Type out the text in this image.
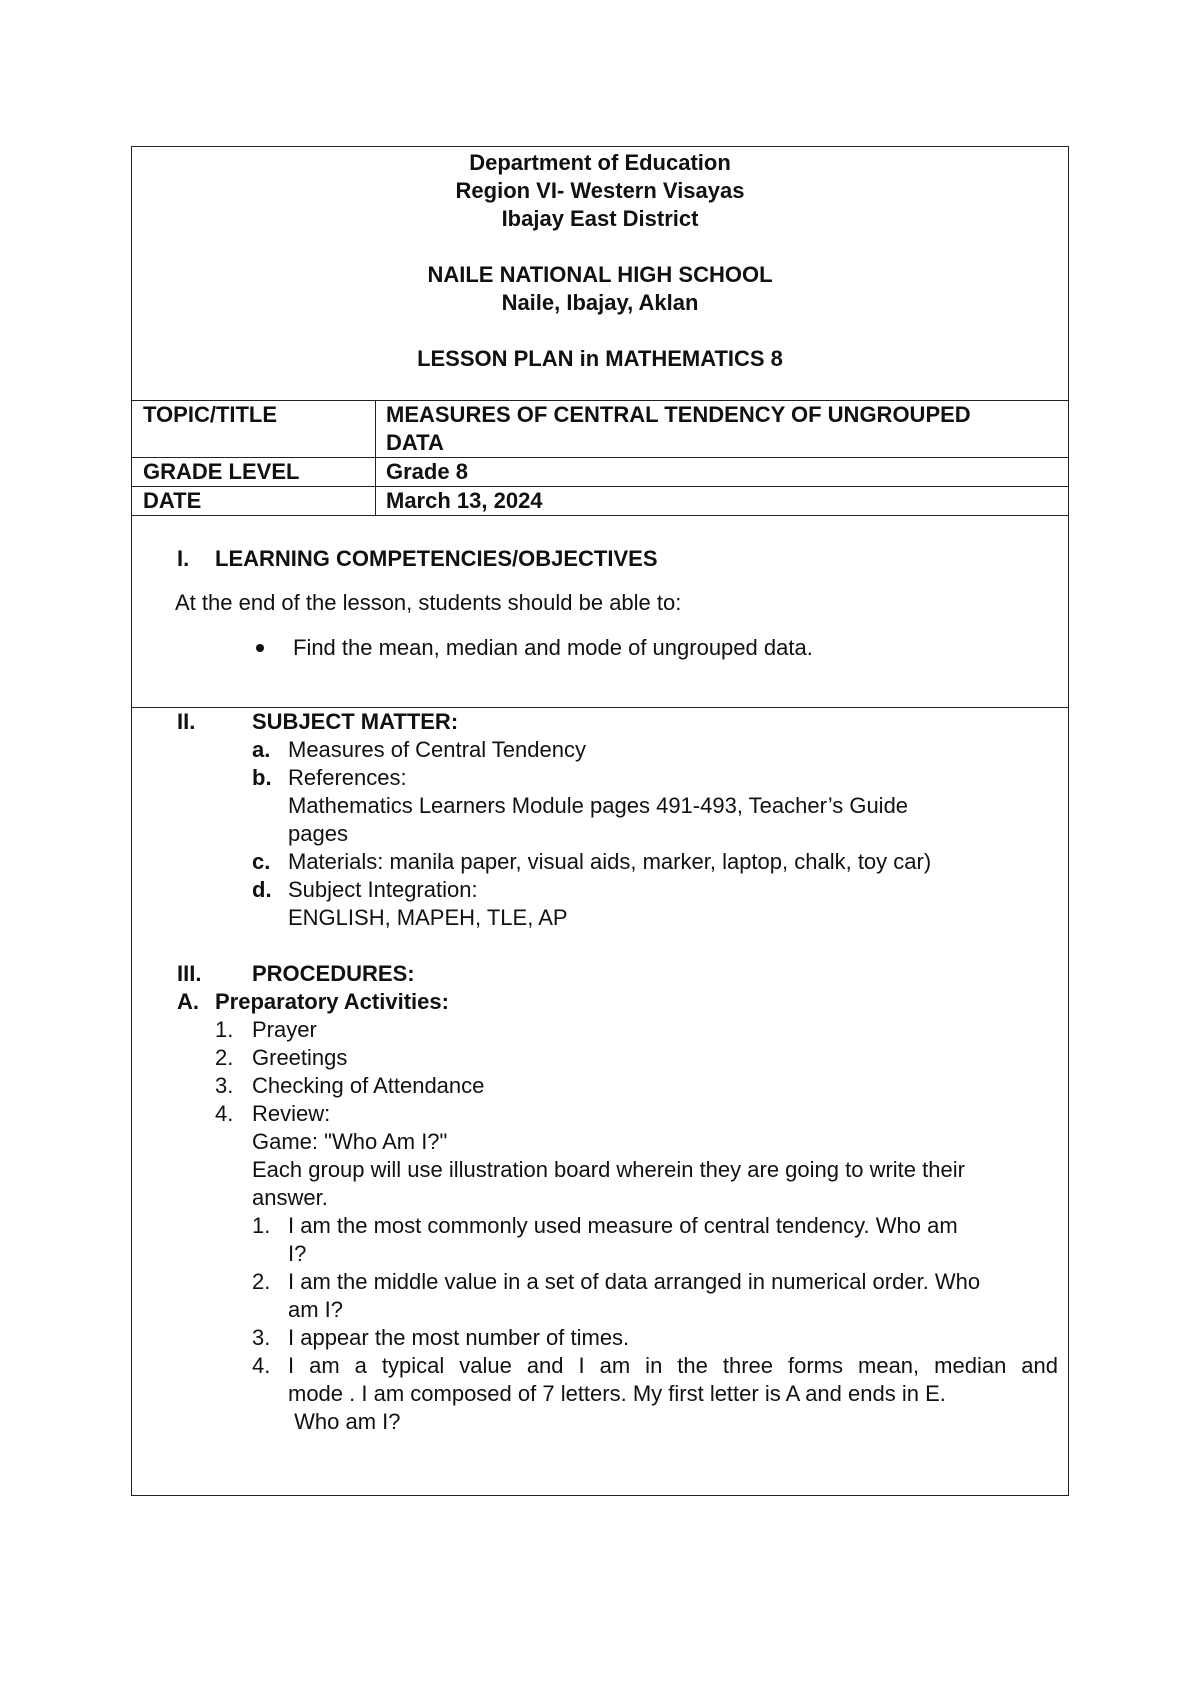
Department of Education
Region VI- Western Visayas
Ibajay East District
NAILE NATIONAL HIGH SCHOOL
Naile, Ibajay, Aklan
LESSON PLAN in MATHEMATICS 8
TOPIC/TITLE	MEASURES OF CENTRAL TENDENCY OF UNGROUPED
DATA
GRADE LEVEL	Grade 8
DATE	March 13, 2024
I. LEARNING COMPETENCIES/OBJECTIVES
At the end of the lesson, students should be able to:
Find the mean, median and mode of ungrouped data.
II.	SUBJECT MATTER:
a. Measures of Central Tendency
b. References:
Mathematics Learners Module pages 491-493, Teacher’s Guide
pages
c. Materials: manila paper, visual aids, marker, laptop, chalk, toy car)
d. Subject Integration:
ENGLISH, MAPEH, TLE, AP
III. PROCEDURES:
A. Preparatory Activities:
1. Prayer
2. Greetings
3. Checking of Attendance
4. Review:
Game: "Who Am I?"
Each group will use illustration board wherein they are going to write their
answer.
1. I am the most commonly used measure of central tendency. Who am
I?
2. I am the middle value in a set of data arranged in numerical order. Who
am I?
3. I appear the most number of times.
4. I am a typical value and I am in the three forms mean, median and
mode . I am composed of 7 letters. My first letter is A and ends in E.
Who am I?
